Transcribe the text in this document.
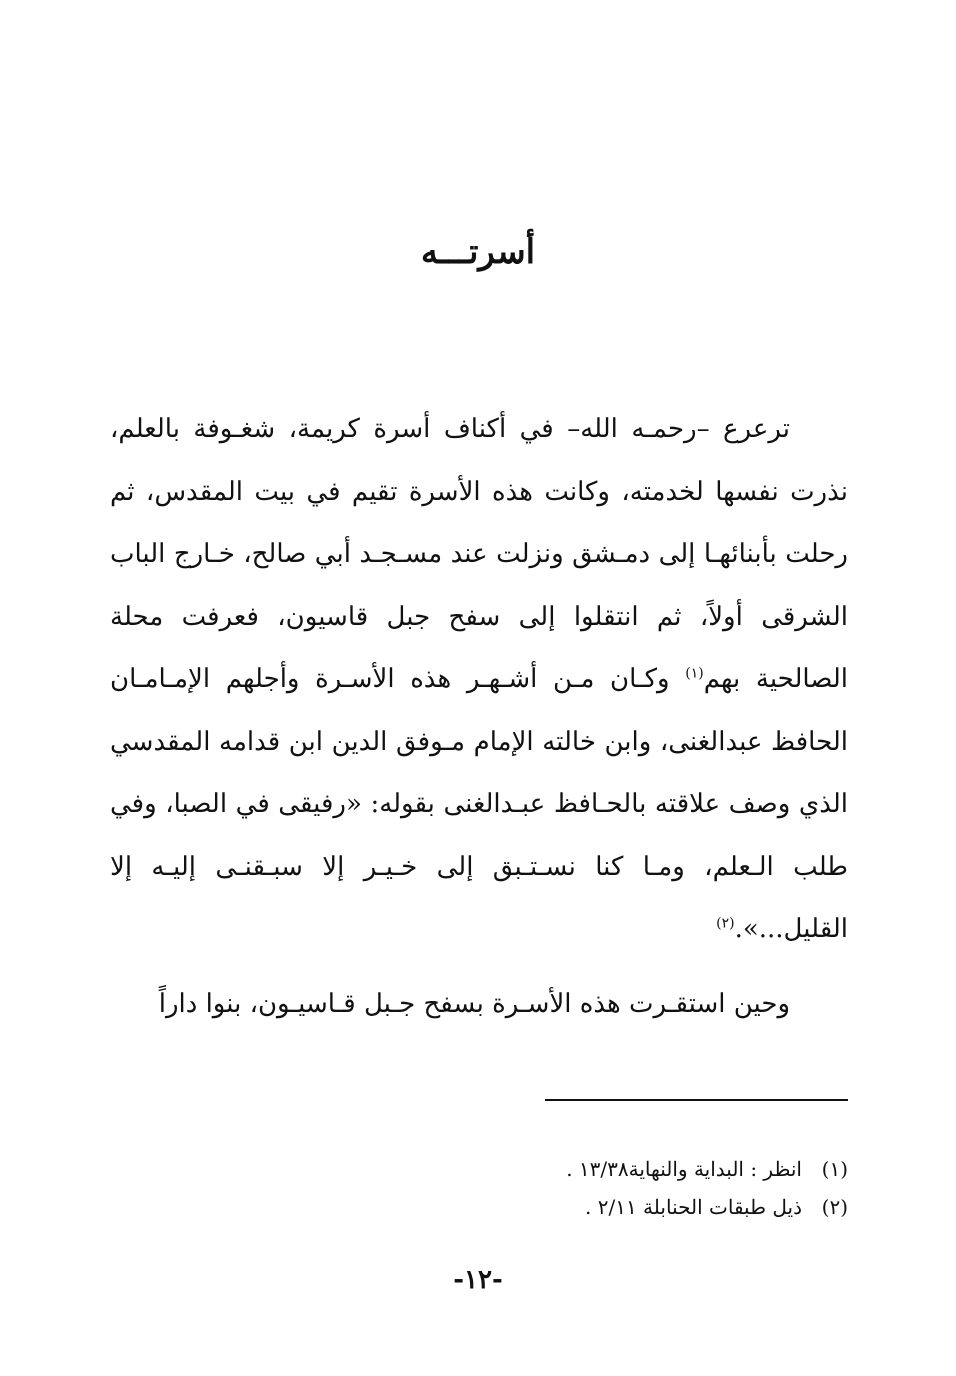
أسرتـــه

ترعرع –رحمـه الله– في أكناف أسرة كريمة، شغـوفة بالعلم، نذرت نفسها لخدمته، وكانت هذه الأسرة تقيم في بيت المقدس، ثم رحلت بأبنائهـا إلى دمـشق ونزلت عند مسـجـد أبي صالح، خـارج الباب الشرقى أولاً، ثم انتقلوا إلى سفح جبل قاسيون، فعرفت محلة الصالحية بهم$^{(١)}$ وكـان مـن أشـهـر هذه الأسـرة وأجلهم الإمـامـان الحافظ عبدالغنى، وابن خالته الإمام مـوفق الدين ابن قدامه المقدسي الذي وصف علاقته بالحـافظ عبـدالغنى بقوله: «رفيقى في الصبا، وفي طلب الـعلم، ومـا كنا نسـتـبق إلى خـيـر إلا سبـقنـى إليـه إلا القليل...».$^{(٢)}$

وحين استقـرت هذه الأسـرة بسفح جـبل قـاسيـون، بنوا داراً

(١)انظر : البداية والنهاية١٣/٣٨ .
(٢)ذيل طبقات الحنابلة ٢/١١ .
-١٢-
